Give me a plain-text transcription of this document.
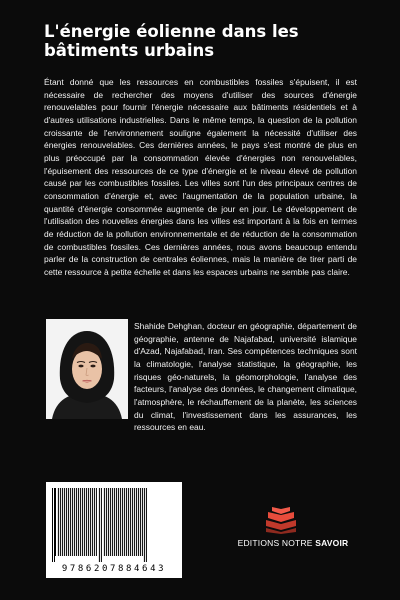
L'énergie éolienne dans les bâtiments urbains

Étant donné que les ressources en combustibles fossiles s'épuisent, il est nécessaire de rechercher des moyens d'utiliser des sources d'énergie renouvelables pour fournir l'énergie nécessaire aux bâtiments résidentiels et à d'autres utilisations industrielles. Dans le même temps, la question de la pollution croissante de l'environnement souligne également la nécessité d'utiliser des énergies renouvelables. Ces dernières années, le pays s'est montré de plus en plus préoccupé par la consommation élevée d'énergies non renouvelables, l'épuisement des ressources de ce type d'énergie et le niveau élevé de pollution causé par les combustibles fossiles. Les villes sont l'un des principaux centres de consommation d'énergie et, avec l'augmentation de la population urbaine, la quantité d'énergie consommée augmente de jour en jour. Le développement de l'utilisation des nouvelles énergies dans les villes est important à la fois en termes de réduction de la pollution environnementale et de réduction de la consommation de combustibles fossiles. Ces dernières années, nous avons beaucoup entendu parler de la construction de centrales éoliennes, mais la manière de tirer parti de cette ressource à petite échelle et dans les espaces urbains ne semble pas claire.

Shahide Dehghan, docteur en géographie, département de géographie, antenne de Najafabad, université islamique d'Azad, Najafabad, Iran. Ses compétences techniques sont la climatologie, l'analyse statistique, la géographie, les risques géo-naturels, la géomorphologie, l'analyse des facteurs, l'analyse des données, le changement climatique, l'atmosphère, le réchauffement de la planète, les sciences du climat, l'investissement dans les assurances, les ressources en eau.

9786207884643
EDITIONS NOTRE SAVOIR
